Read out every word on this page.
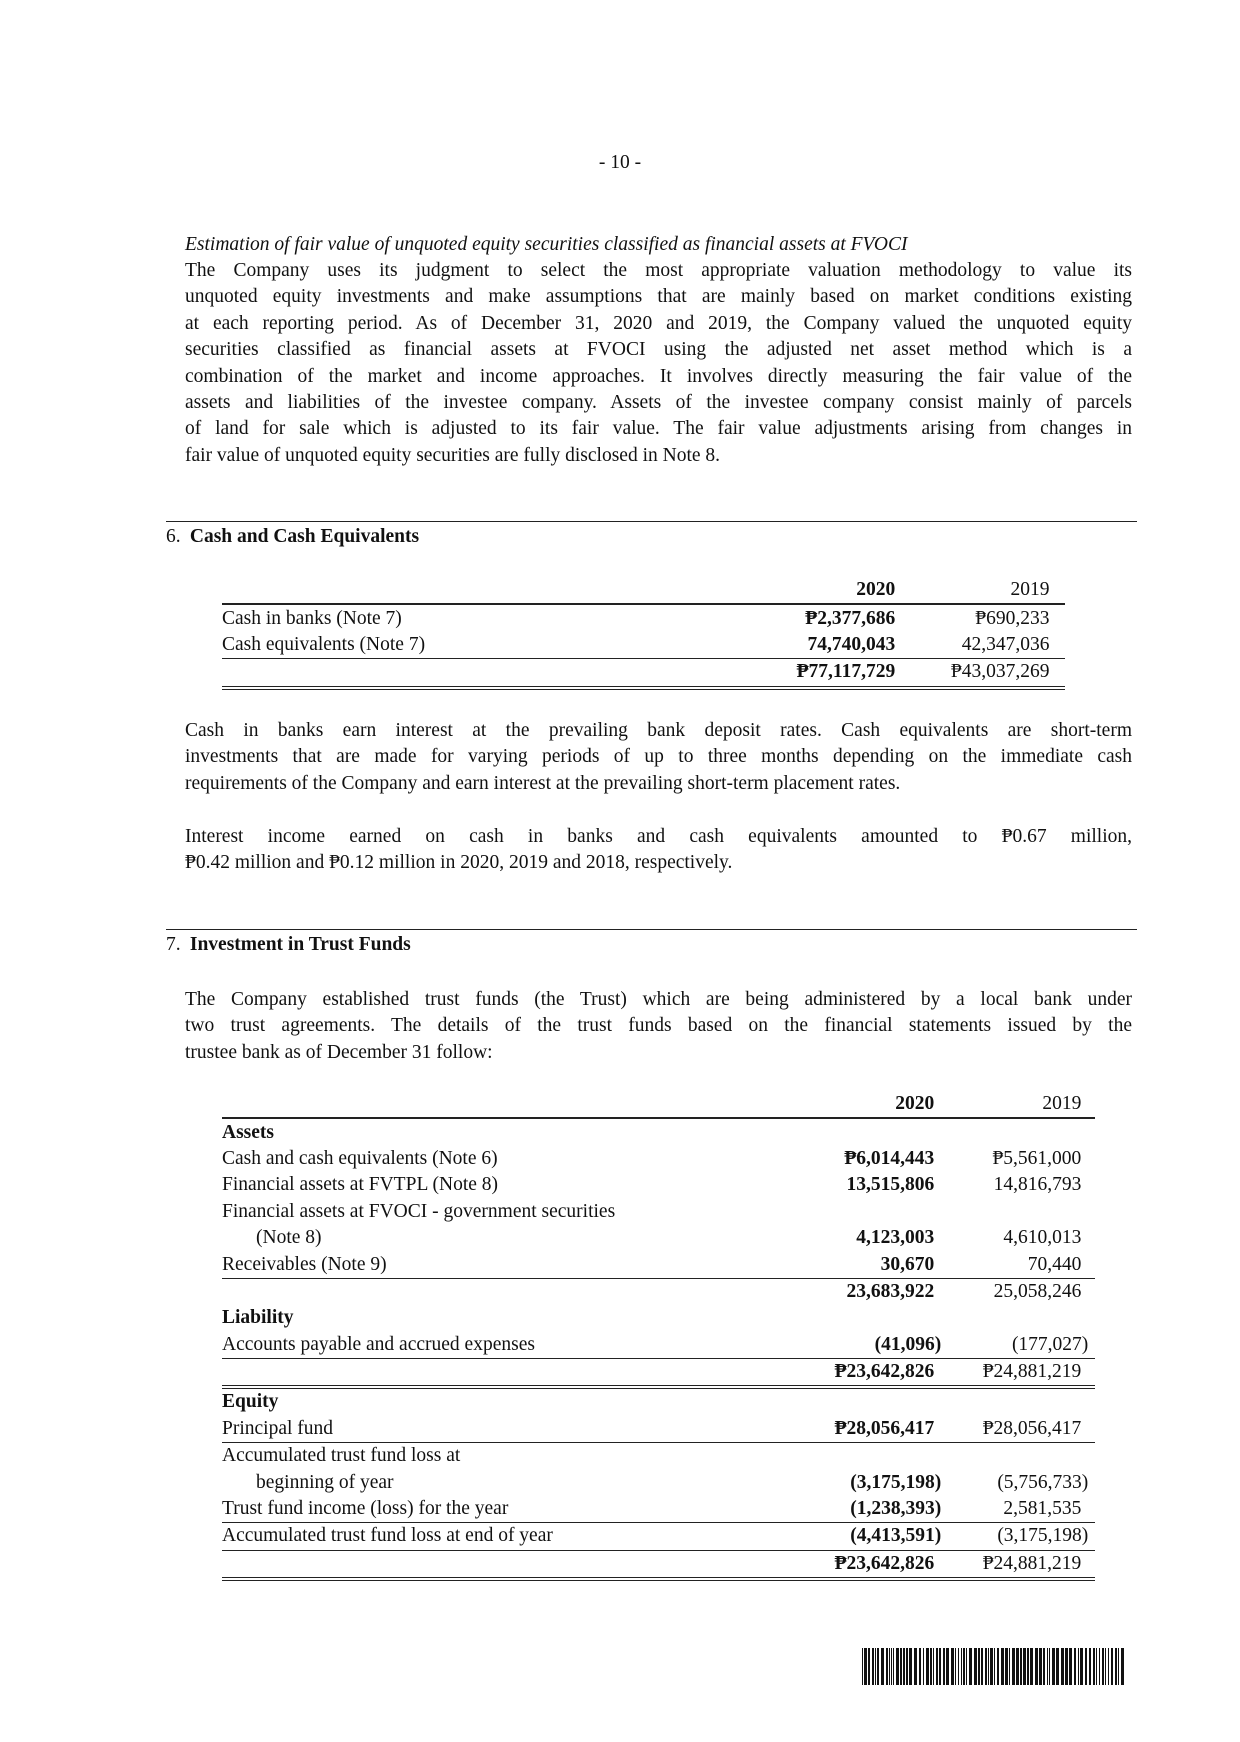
- 10 -
Estimation of fair value of unquoted equity securities classified as financial assets at FVOCI
The Company uses its judgment to select the most appropriate valuation methodology to value its
unquoted equity investments and make assumptions that are mainly based on market conditions existing
at each reporting period. As of December 31, 2020 and 2019, the Company valued the unquoted equity
securities classified as financial assets at FVOCI using the adjusted net asset method which is a
combination of the market and income approaches. It involves directly measuring the fair value of the
assets and liabilities of the investee company. Assets of the investee company consist mainly of parcels
of land for sale which is adjusted to its fair value. The fair value adjustments arising from changes in
fair value of unquoted equity securities are fully disclosed in Note 8.
6. Cash and Cash Equivalents
	2020	2019	
Cash in banks (Note 7)	₱2,377,686	₱690,233	
Cash equivalents (Note 7)	74,740,043	42,347,036	
	₱77,117,729	₱43,037,269	
Cash in banks earn interest at the prevailing bank deposit rates. Cash equivalents are short-term
investments that are made for varying periods of up to three months depending on the immediate cash
requirements of the Company and earn interest at the prevailing short-term placement rates.
Interest income earned on cash in banks and cash equivalents amounted to ₱0.67 million,
₱0.42 million and ₱0.12 million in 2020, 2019 and 2018, respectively.
7. Investment in Trust Funds
The Company established trust funds (the Trust) which are being administered by a local bank under
two trust agreements. The details of the trust funds based on the financial statements issued by the
trustee bank as of December 31 follow:
	2020	2019	
Assets			
Cash and cash equivalents (Note 6)	₱6,014,443	₱5,561,000	
Financial assets at FVTPL (Note 8)	13,515,806	14,816,793	
Financial assets at FVOCI - government securities			
(Note 8)	4,123,003	4,610,013	
Receivables (Note 9)	30,670	70,440	
	23,683,922	25,058,246	
Liability			
Accounts payable and accrued expenses	(41,096)	(177,027)	
	₱23,642,826	₱24,881,219	
Equity			
Principal fund	₱28,056,417	₱28,056,417	
Accumulated trust fund loss at			
beginning of year	(3,175,198)	(5,756,733)	
Trust fund income (loss) for the year	(1,238,393)	2,581,535	
Accumulated trust fund loss at end of year	(4,413,591)	(3,175,198)	
	₱23,642,826	₱24,881,219	
